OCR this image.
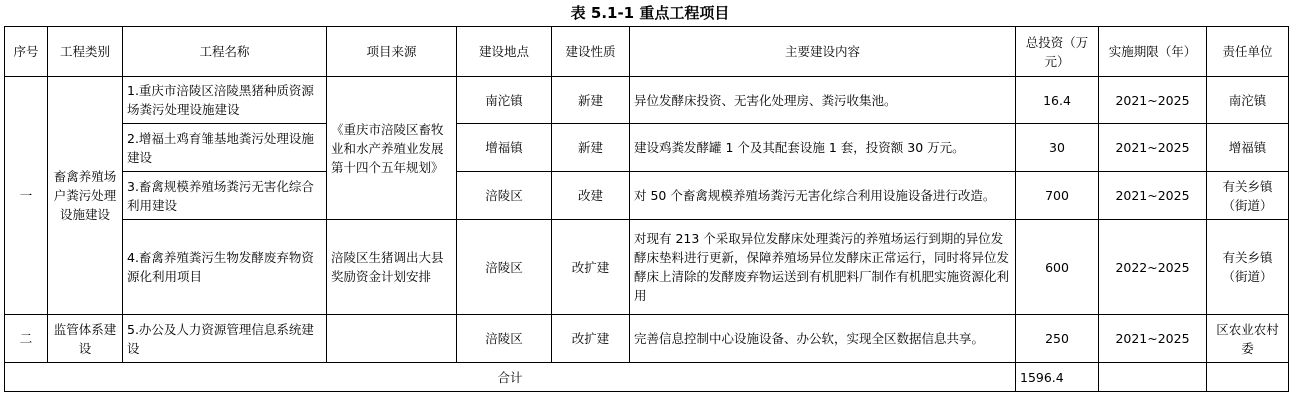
表 5.1-1 重点工程项目
序号	工程类别	工程名称	项目来源	建设地点	建设性质	主要建设内容	总投资（万元）	实施期限（年）	责任单位
一	畜禽养殖场户粪污处理设施建设	1.重庆市涪陵区涪陵黑猪种质资源场粪污处理设施建设	《重庆市涪陵区畜牧业和水产养殖业发展第十四个五年规划》	南沱镇	新建	异位发酵床投资、无害化处理房、粪污收集池。	16.4	2021~2025	南沱镇
		2.增福土鸡育雏基地粪污处理设施建设		增福镇	新建	建设鸡粪发酵罐 1 个及其配套设施 1 套，投资额 30 万元。	30	2021~2025	增福镇
		3.畜禽规模养殖场粪污无害化综合利用建设		涪陵区	改建	对 50 个畜禽规模养殖场粪污无害化综合利用设施设备进行改造。	700	2021~2025	有关乡镇（街道）
		4.畜禽养殖粪污生物发酵废弃物资源化利用项目	涪陵区生猪调出大县奖励资金计划安排	涪陵区	改扩建	对现有 213 个采取异位发酵床处理粪污的养殖场运行到期的异位发酵床垫料进行更新，保障养殖场异位发酵床正常运行，同时将异位发酵床上清除的发酵废弃物运送到有机肥料厂制作有机肥实施资源化利用	600	2022~2025	有关乡镇（街道）
二	监管体系建设	5.办公及人力资源管理信息系统建设		涪陵区	改扩建	完善信息控制中心设施设备、办公软，实现全区数据信息共享。	250	2021~2025	区农业农村委
合计							1596.4		
